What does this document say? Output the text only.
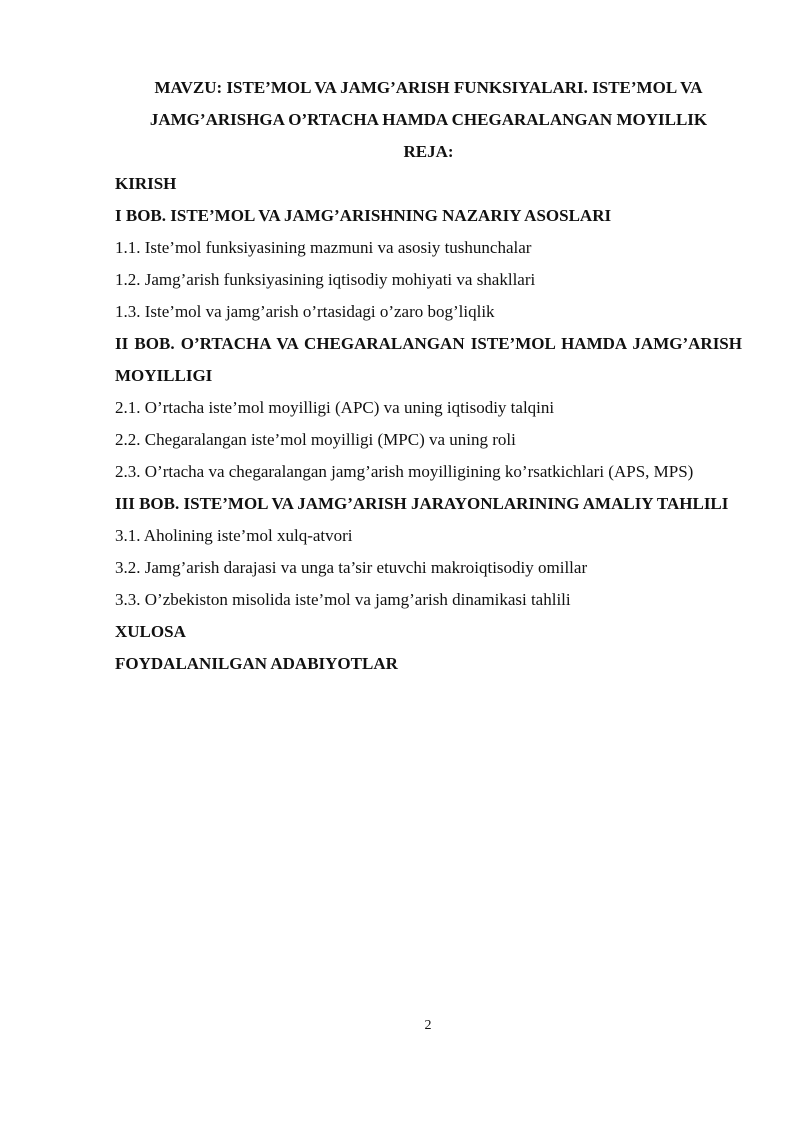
MAVZU: ISTE’MOL VA JAMG’ARISH FUNKSIYALARI. ISTE’MOL VA
JAMG’ARISHGA O’RTACHA HAMDA CHEGARALANGAN MOYILLIK
REJA:
KIRISH
I BOB. ISTE’MOL VA JAMG’ARISHNING NAZARIY ASOSLARI
1.1. Iste’mol funksiyasining mazmuni va asosiy tushunchalar
1.2. Jamg’arish funksiyasining iqtisodiy mohiyati va shakllari
1.3. Iste’mol va jamg’arish o’rtasidagi o’zaro bog’liqlik
II BOB. O’RTACHA VA CHEGARALANGAN ISTE’MOL HAMDA JAMG’ARISH MOYILLIGI
2.1. O’rtacha iste’mol moyilligi (APC) va uning iqtisodiy talqini
2.2. Chegaralangan iste’mol moyilligi (MPC) va uning roli
2.3. O’rtacha va chegaralangan jamg’arish moyilligining ko’rsatkichlari (APS, MPS)
III BOB. ISTE’MOL VA JAMG’ARISH JARAYONLARINING AMALIY TAHLILI
3.1. Aholining iste’mol xulq-atvori
3.2. Jamg’arish darajasi va unga ta’sir etuvchi makroiqtisodiy omillar
3.3. O’zbekiston misolida iste’mol va jamg’arish dinamikasi tahlili
XULOSA
FOYDALANILGAN ADABIYOTLAR
2
